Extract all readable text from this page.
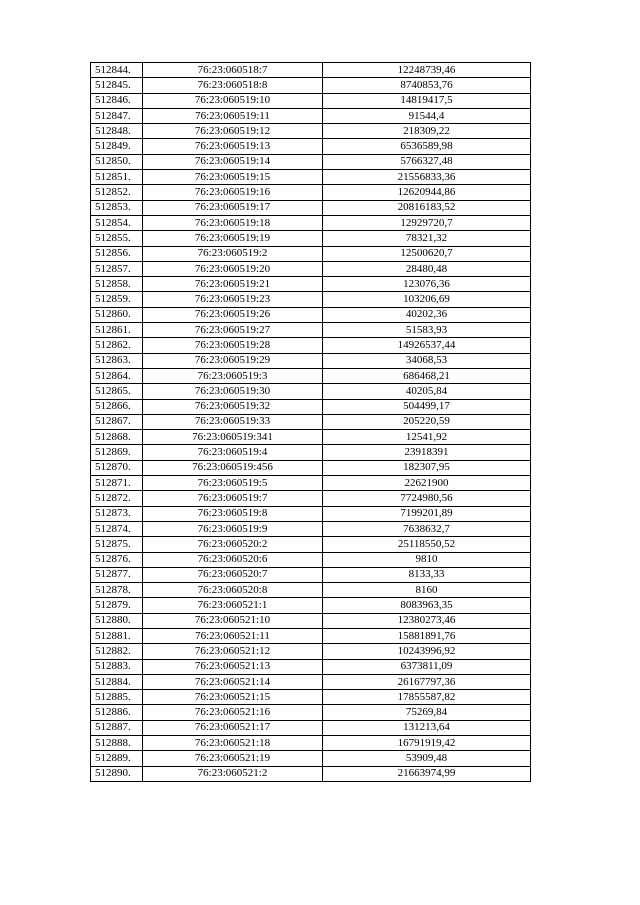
512844.	76:23:060518:7	12248739,46
512845.	76:23:060518:8	8740853,76
512846.	76:23:060519:10	14819417,5
512847.	76:23:060519:11	91544,4
512848.	76:23:060519:12	218309,22
512849.	76:23:060519:13	6536589,98
512850.	76:23:060519:14	5766327,48
512851.	76:23:060519:15	21556833,36
512852.	76:23:060519:16	12620944,86
512853.	76:23:060519:17	20816183,52
512854.	76:23:060519:18	12929720,7
512855.	76:23:060519:19	78321,32
512856.	76:23:060519:2	12500620,7
512857.	76:23:060519:20	28480,48
512858.	76:23:060519:21	123076,36
512859.	76:23:060519:23	103206,69
512860.	76:23:060519:26	40202,36
512861.	76:23:060519:27	51583,93
512862.	76:23:060519:28	14926537,44
512863.	76:23:060519:29	34068,53
512864.	76:23:060519:3	686468,21
512865.	76:23:060519:30	40205,84
512866.	76:23:060519:32	504499,17
512867.	76:23:060519:33	205220,59
512868.	76:23:060519:341	12541,92
512869.	76:23:060519:4	23918391
512870.	76:23:060519:456	182307,95
512871.	76:23:060519:5	22621900
512872.	76:23:060519:7	7724980,56
512873.	76:23:060519:8	7199201,89
512874.	76:23:060519:9	7638632,7
512875.	76:23:060520:2	25118550,52
512876.	76:23:060520:6	9810
512877.	76:23:060520:7	8133,33
512878.	76:23:060520:8	8160
512879.	76:23:060521:1	8083963,35
512880.	76:23:060521:10	12380273,46
512881.	76:23:060521:11	15881891,76
512882.	76:23:060521:12	10243996,92
512883.	76:23:060521:13	6373811,09
512884.	76:23:060521:14	26167797,36
512885.	76:23:060521:15	17855587,82
512886.	76:23:060521:16	75269,84
512887.	76:23:060521:17	131213,64
512888.	76:23:060521:18	16791919,42
512889.	76:23:060521:19	53909,48
512890.	76:23:060521:2	21663974,99
